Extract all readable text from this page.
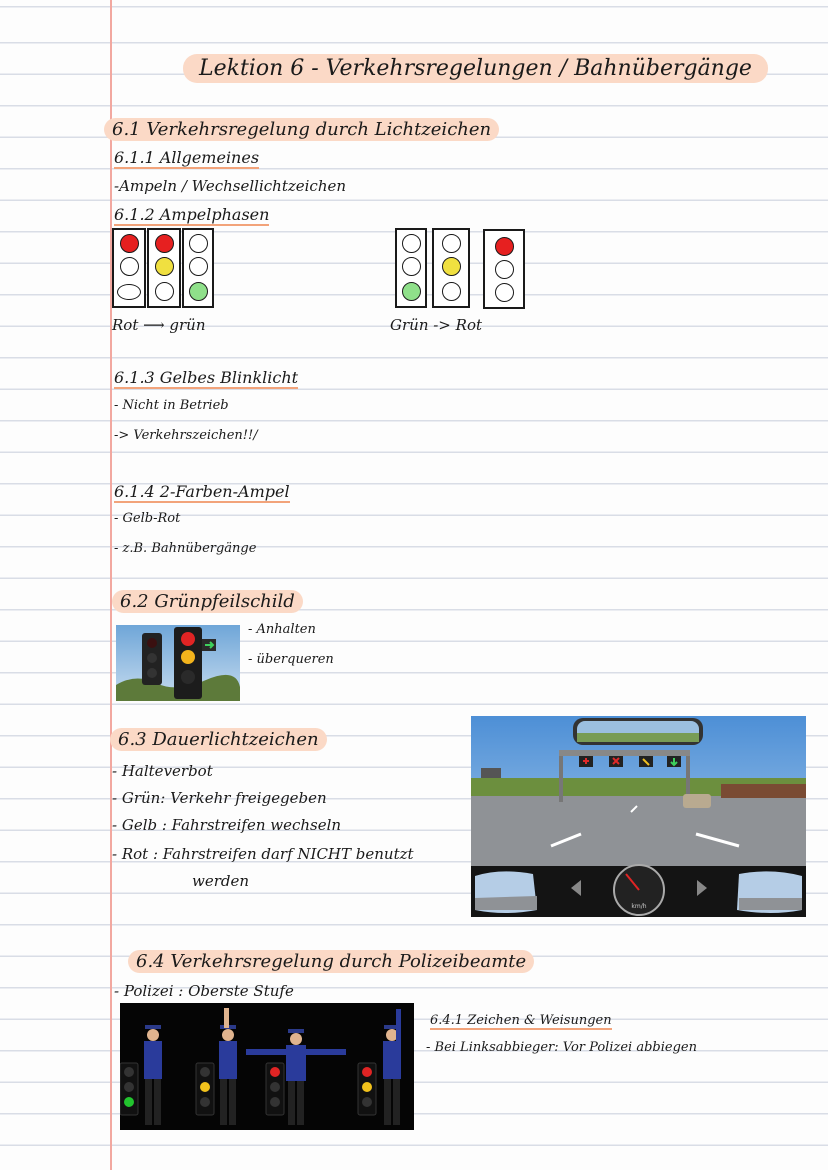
Lektion 6 - Verkehrsregelungen / Bahnübergänge
6.1 Verkehrsregelung durch Lichtzeichen
6.1.1 Allgemeines
-Ampeln / Wechsellichtzeichen
6.1.2 Ampelphasen
Rot ⟶ grün	Grün -> Rot
6.1.3 Gelbes Blinklicht
- Nicht in Betrieb
-> Verkehrszeichen!!/
6.1.4 2-Farben-Ampel
- Gelb-Rot
- z.B. Bahnübergänge
6.2 Grünpfeilschild
- Anhalten
- überqueren
6.3 Dauerlichtzeichen
- Halteverbot
- Grün: Verkehr freigegeben
- Gelb : Fahrstreifen wechseln
- Rot : Fahrstreifen darf NICHT benutzt
werden
km/h
6.4 Verkehrsregelung durch Polizeibeamte
- Polizei : Oberste Stufe
6.4.1 Zeichen & Weisungen
- Bei Linksabbieger: Vor Polizei abbiegen
